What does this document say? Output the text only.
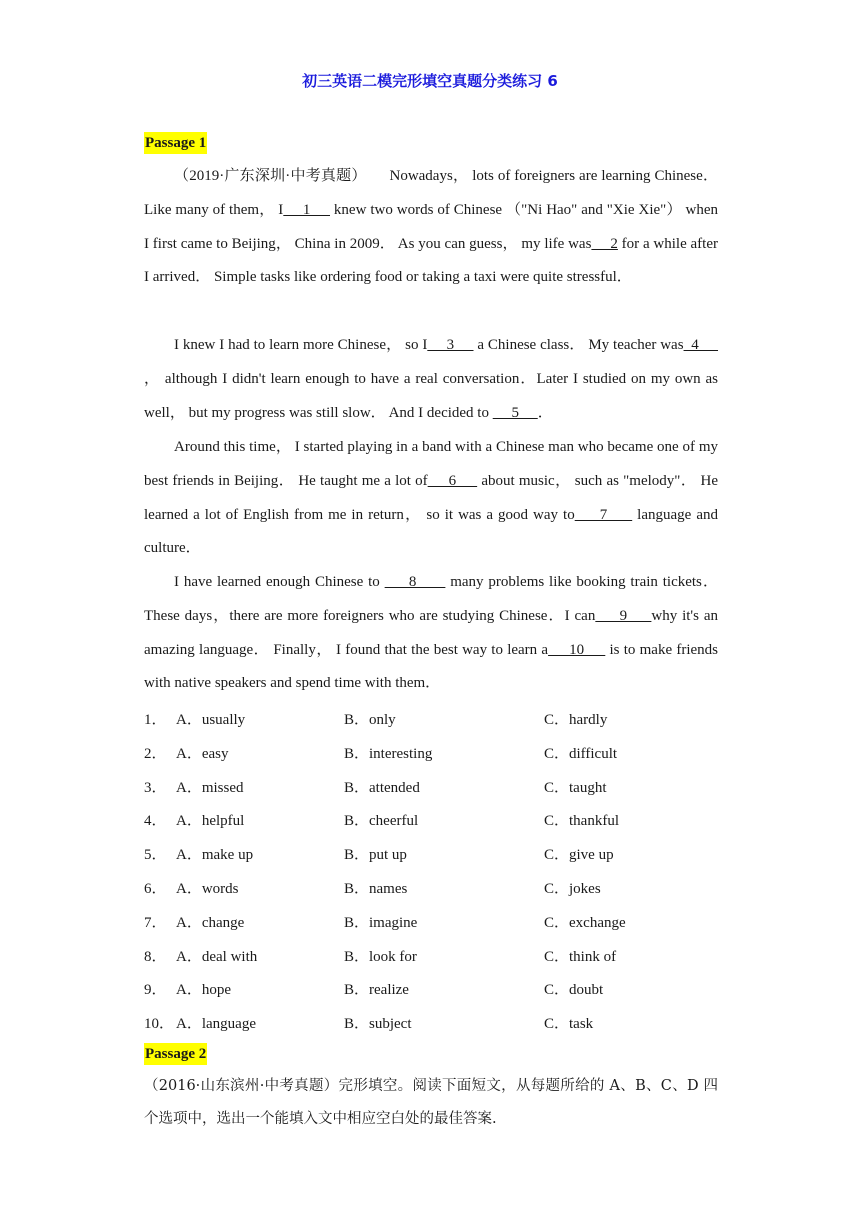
初三英语二模完形填空真题分类练习 6
Passage 1

（2019·广东深圳·中考真题）　　Nowadays， lots of foreigners are learning Chinese． Like many of them， I     1      knew two words of Chinese （"Ni Hao" and "Xie Xie"） when I first came to Beijing， China in 2009． As you can guess， my life was     2 for a while after I arrived． Simple tasks like ordering food or taking a taxi were quite stressful．

I knew I had to learn more Chinese， so I     3      a Chinese class． My teacher was  4      ， although I didn't learn enough to have a real conversation．Later I studied on my own as well， but my progress was still slow． And I decided to      5     ．

Around this time， I started playing in a band with a Chinese man who became one of my best friends in Beijing． He taught me a lot of     6      about music， such as "melody"． He learned a lot of English from me in return， so it was a good way to     7      language and culture．

I have learned enough Chinese to      8       many problems like booking train tickets． These days，there are more foreigners who are studying Chinese．I can     9     why it's an amazing language． Finally， I found that the best way to learn a     10      is to make friends with native speakers and spend time with them．

1． A．usually	B．only	C．hardly
2． A．easy	B．interesting	C．difficult
3． A．missed	B．attended	C．taught
4． A．helpful	B．cheerful	C．thankful
5． A．make up	B．put up	C．give up
6． A．words	B．names	C．jokes
7． A．change	B．imagine	C．exchange
8． A．deal with	B．look for	C．think of
9． A．hope	B．realize	C．doubt
10． A．language	B．subject	C．task
Passage 2

（2016·山东滨州·中考真题）完形填空。阅读下面短文，从每题所给的 A、B、C、D 四个选项中，选出一个能填入文中相应空白处的最佳答案.
